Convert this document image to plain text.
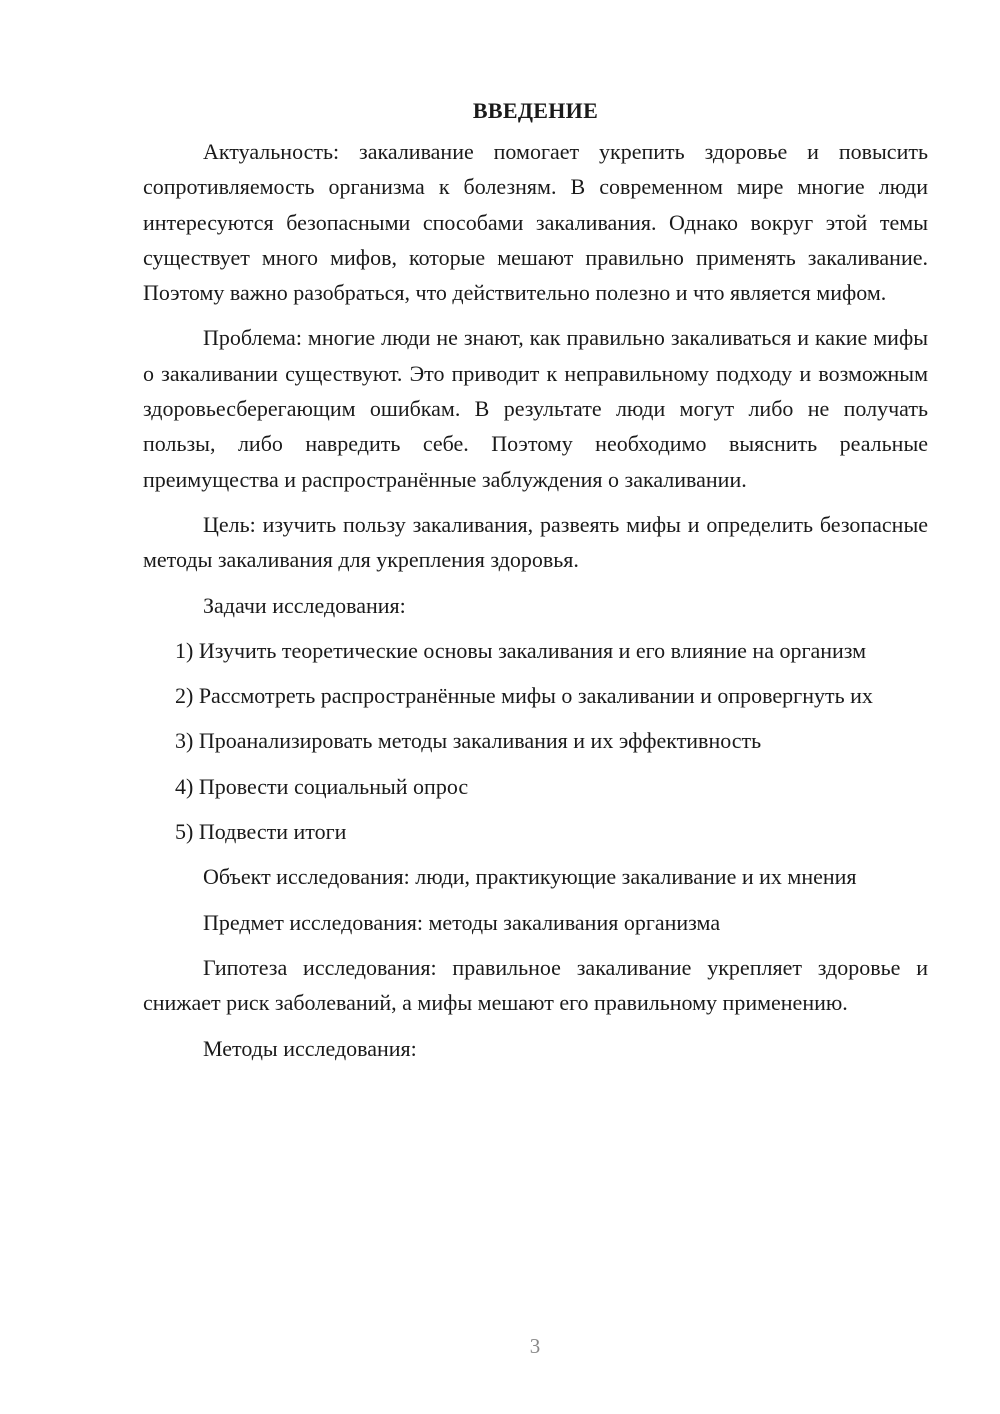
ВВЕДЕНИЕ

Актуальность: закаливание помогает укрепить здоровье и повысить сопротивляемость организма к болезням. В современном мире многие люди интересуются безопасными способами закаливания. Однако вокруг этой темы существует много мифов, которые мешают правильно применять закаливание. Поэтому важно разобраться, что действительно полезно и что является мифом.

Проблема: многие люди не знают, как правильно закаливаться и какие мифы о закаливании существуют. Это приводит к неправильному подходу и возможным здоровьесберегающим ошибкам. В результате люди могут либо не получать пользы, либо навредить себе. Поэтому необходимо выяснить реальные преимущества и распространённые заблуждения о закаливании.

Цель: изучить пользу закаливания, развеять мифы и определить безопасные методы закаливания для укрепления здоровья.

Задачи исследования:

1) Изучить теоретические основы закаливания и его влияние на организм

2) Рассмотреть распространённые мифы о закаливании и опровергнуть их

3) Проанализировать методы закаливания и их эффективность

4) Провести социальный опрос

5) Подвести итоги

Объект исследования: люди, практикующие закаливание и их мнения

Предмет исследования: методы закаливания организма

Гипотеза исследования: правильное закаливание укрепляет здоровье и снижает риск заболеваний, а мифы мешают его правильному применению.

Методы исследования:

3
